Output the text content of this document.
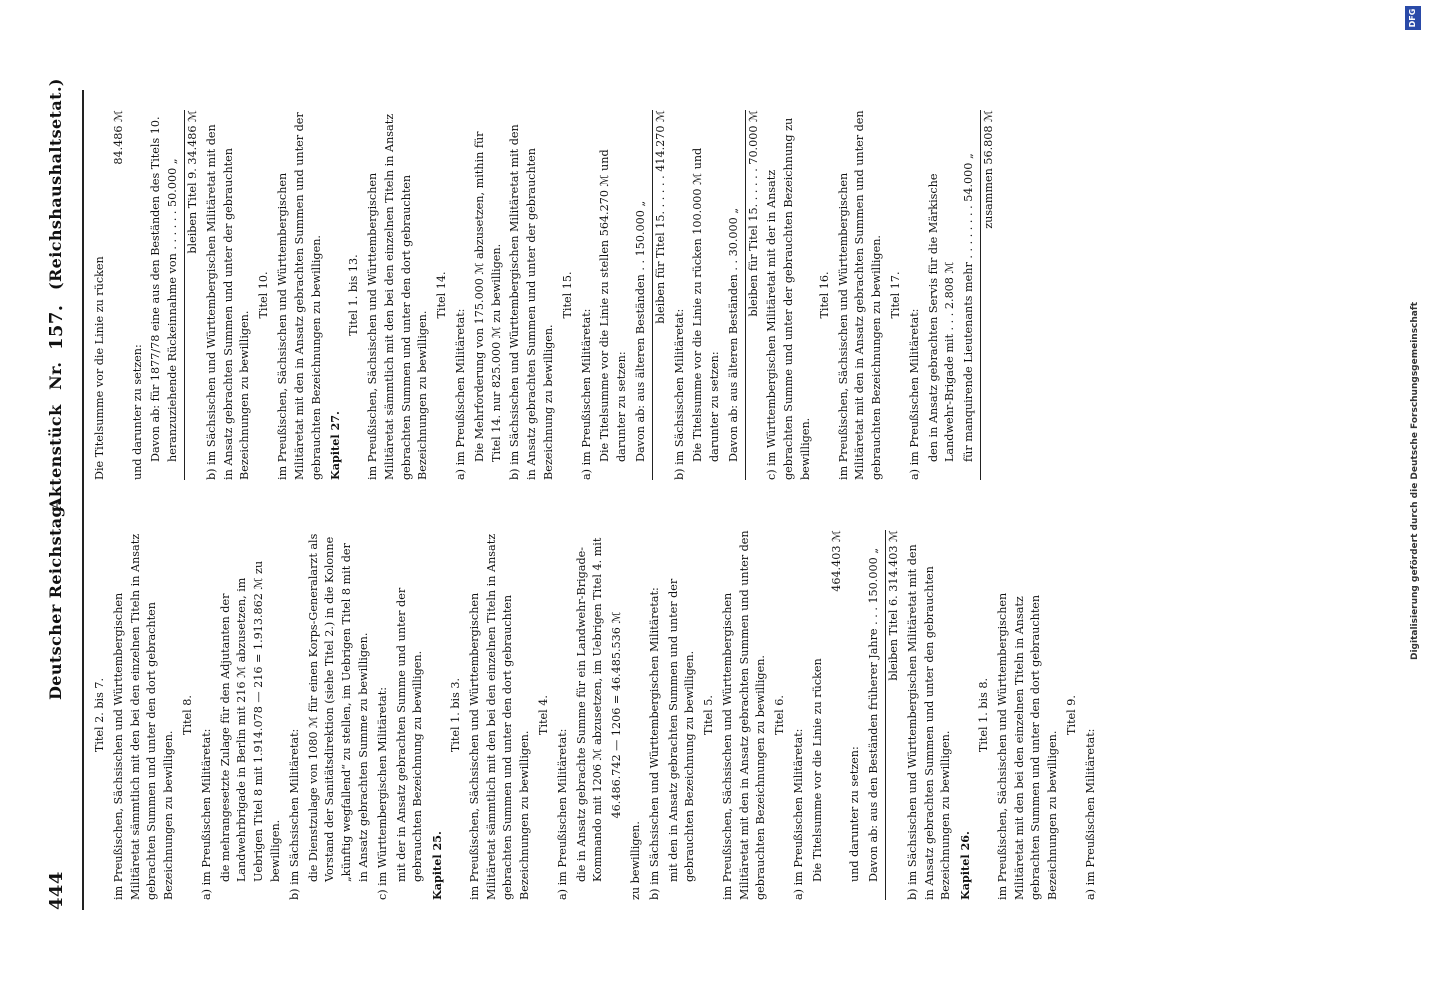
444
Deutscher Reichstag.
Aktenstück
Nr.
157.
(Reichshaushaltsetat.)

Titel 2. bis 7. im Preußischen, Sächsischen und Württembergischen Militäretat sämmtlich mit den bei den einzelnen Titeln in Ansatz gebrachten Summen und unter den dort gebrachten Bezeichnungen zu bewilligen.

Titel 8.

a) im Preußischen Militäretat: die mehrangesetzte Zulage für den Adjutanten der Landwehrbrigade in Berlin mit 216 ℳ abzusetzen, im Uebrigen Titel 8 mit 1.914.078 — 216 = 1.913.862 ℳ zu bewilligen. b) im Sächsischen Militäretat: die Dienstzulage von 1080 ℳ für einen Korps-Generalarzt als Vorstand der Sanitätsdirektion (siehe Titel 2.) in die Kolonne „künftig wegfallend“ zu stellen, im Uebrigen Titel 8 mit der in Ansatz gebrachten Summe zu bewilligen. c) im Württembergischen Militäretat: mit der in Ansatz gebrachten Summe und unter der gebrauchten Bezeichnung zu bewilligen. Kapitel 25.

Titel 1. bis 3. im Preußischen, Sächsischen und Württembergischen Militäretat sämmtlich mit den bei den einzelnen Titeln in Ansatz gebrachten Summen und unter den dort gebrauchten Bezeichnungen zu bewilligen.

Titel 4.

a) im Preußischen Militäretat: die in Ansatz gebrachte Summe für ein Landwehr-Brigade-Kommando mit 1206 ℳ abzusetzen, im Uebrigen Titel 4. mit 46.486.742 — 1206 = 46.485.536 ℳ

zu bewilligen. b) im Sächsischen und Württembergischen Militäretat: mit den in Ansatz gebrachten Summen und unter der gebrauchten Bezeichnung zu bewilligen. Titel 5. im Preußischen, Sächsischen und Württembergischen Militäretat mit den in Ansatz gebrachten Summen und unter den gebrauchten Bezeichnungen zu bewilligen. Titel 6.

a) im Preußischen Militäretat: Die Titelsumme vor die Linie zu rücken

464.403 ℳ

und darunter zu setzen: Davon ab: aus den Beständen früherer Jahre . . . 150.000 „ bleiben Titel 6. 314.403 ℳ b) im Sächsischen und Württembergischen Militäretat mit den in Ansatz gebrachten Summen und unter den gebrauchten Bezeichnungen zu bewilligen. Kapitel 26.

Titel 1. bis 8. im Preußischen, Sächsischen und Württembergischen Militäretat mit den bei den einzelnen Titeln in Ansatz gebrachten Summen und unter den dort gebrauchten Bezeichnungen zu bewilligen.

Titel 9.

a) im Preußischen Militäretat:

Die Titelsumme vor die Linie zu rücken

84.486 ℳ

und darunter zu setzen: Davon ab: für 1877/78 eine aus den Beständen des Titels 10. heranzuziehende Rückeinnahme von . . . . . . 50.000 „ bleiben Titel 9. 34.486 ℳ b) im Sächsischen und Württembergischen Militäretat mit den in Ansatz gebrachten Summen und unter der gebrauchten Bezeichnungen zu bewilligen.

Titel 10. im Preußischen, Sächsischen und Württembergischen Militäretat mit den in Ansatz gebrachten Summen und unter der gebrauchten Bezeichnungen zu bewilligen. Kapitel 27.

Titel 1. bis 13. im Preußischen, Sächsischen und Württembergischen Militäretat sämmtlich mit den bei den einzelnen Titeln in Ansatz gebrachten Summen und unter den dort gebrauchten Bezeichnungen zu bewilligen.

Titel 14.

a) im Preußischen Militäretat: Die Mehrforderung von 175.000 ℳ abzusetzen, mithin für Titel 14. nur 825.000 ℳ zu bewilligen. b) im Sächsischen und Württembergischen Militäretat mit den in Ansatz gebrachten Summen und unter der gebrauchten Bezeichnung zu bewilligen.

Titel 15.

a) im Preußischen Militäretat: Die Titelsumme vor die Linie zu stellen 564.270 ℳ und darunter zu setzen: Davon ab: aus älteren Beständen . . 150.000 „ bleiben für Titel 15. . . . . . 414.270 ℳ

b) im Sächsischen Militäretat: Die Titelsumme vor die Linie zu rücken 100.000 ℳ und darunter zu setzen: Davon ab: aus älteren Beständen . . 30.000 „ bleiben für Titel 15. . . . . . 70.000 ℳ c) im Württembergischen Militäretat mit der in Ansatz gebrachten Summe und unter der gebrauchten Bezeichnung zu bewilligen.

Titel 16. im Preußischen, Sächsischen und Württembergischen Militäretat mit den in Ansatz gebrachten Summen und unter den gebrauchten Bezeichnungen zu bewilligen. Titel 17.

a) im Preußischen Militäretat: den in Ansatz gebrachten Servis für die Märkische Landwehr-Brigade mit . . . 2.808 ℳ für manquirende Lieutenants mehr . . . . . . . . 54.000 „ zusammen 56.808 ℳ

Digitalisierung gefördert durch die Deutsche Forschungsgemeinschaft
DFG
